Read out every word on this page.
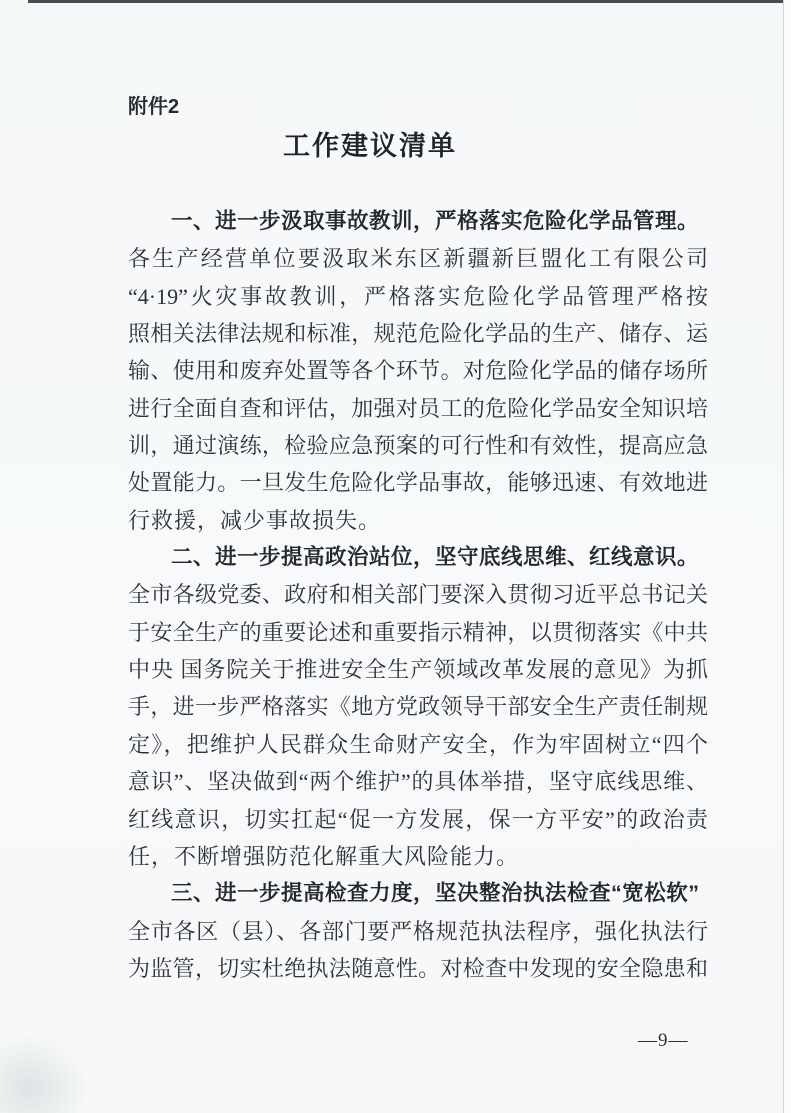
附件2
工作建议清单
一、进一步汲取事故教训，严格落实危险化学品管理。
各生产经营单位要汲取米东区新疆新巨盟化工有限公司
“4·19”火灾事故教训，严格落实危险化学品管理严格按
照相关法律法规和标准，规范危险化学品的生产、储存、运
输、使用和废弃处置等各个环节。对危险化学品的储存场所
进行全面自查和评估，加强对员工的危险化学品安全知识培
训，通过演练，检验应急预案的可行性和有效性，提高应急
处置能力。一旦发生危险化学品事故，能够迅速、有效地进
行救援，减少事故损失。
二、进一步提高政治站位，坚守底线思维、红线意识。
全市各级党委、政府和相关部门要深入贯彻习近平总书记关
于安全生产的重要论述和重要指示精神，以贯彻落实《中共
中央 国务院关于推进安全生产领域改革发展的意见》为抓
手，进一步严格落实《地方党政领导干部安全生产责任制规
定》，把维护人民群众生命财产安全，作为牢固树立“四个
意识”、坚决做到“两个维护”的具体举措，坚守底线思维、
红线意识，切实扛起“促一方发展，保一方平安”的政治责
任，不断增强防范化解重大风险能力。
三、进一步提高检查力度，坚决整治执法检查“宽松软”
全市各区（县）、各部门要严格规范执法程序，强化执法行
为监管，切实杜绝执法随意性。对检查中发现的安全隐患和
—9—
